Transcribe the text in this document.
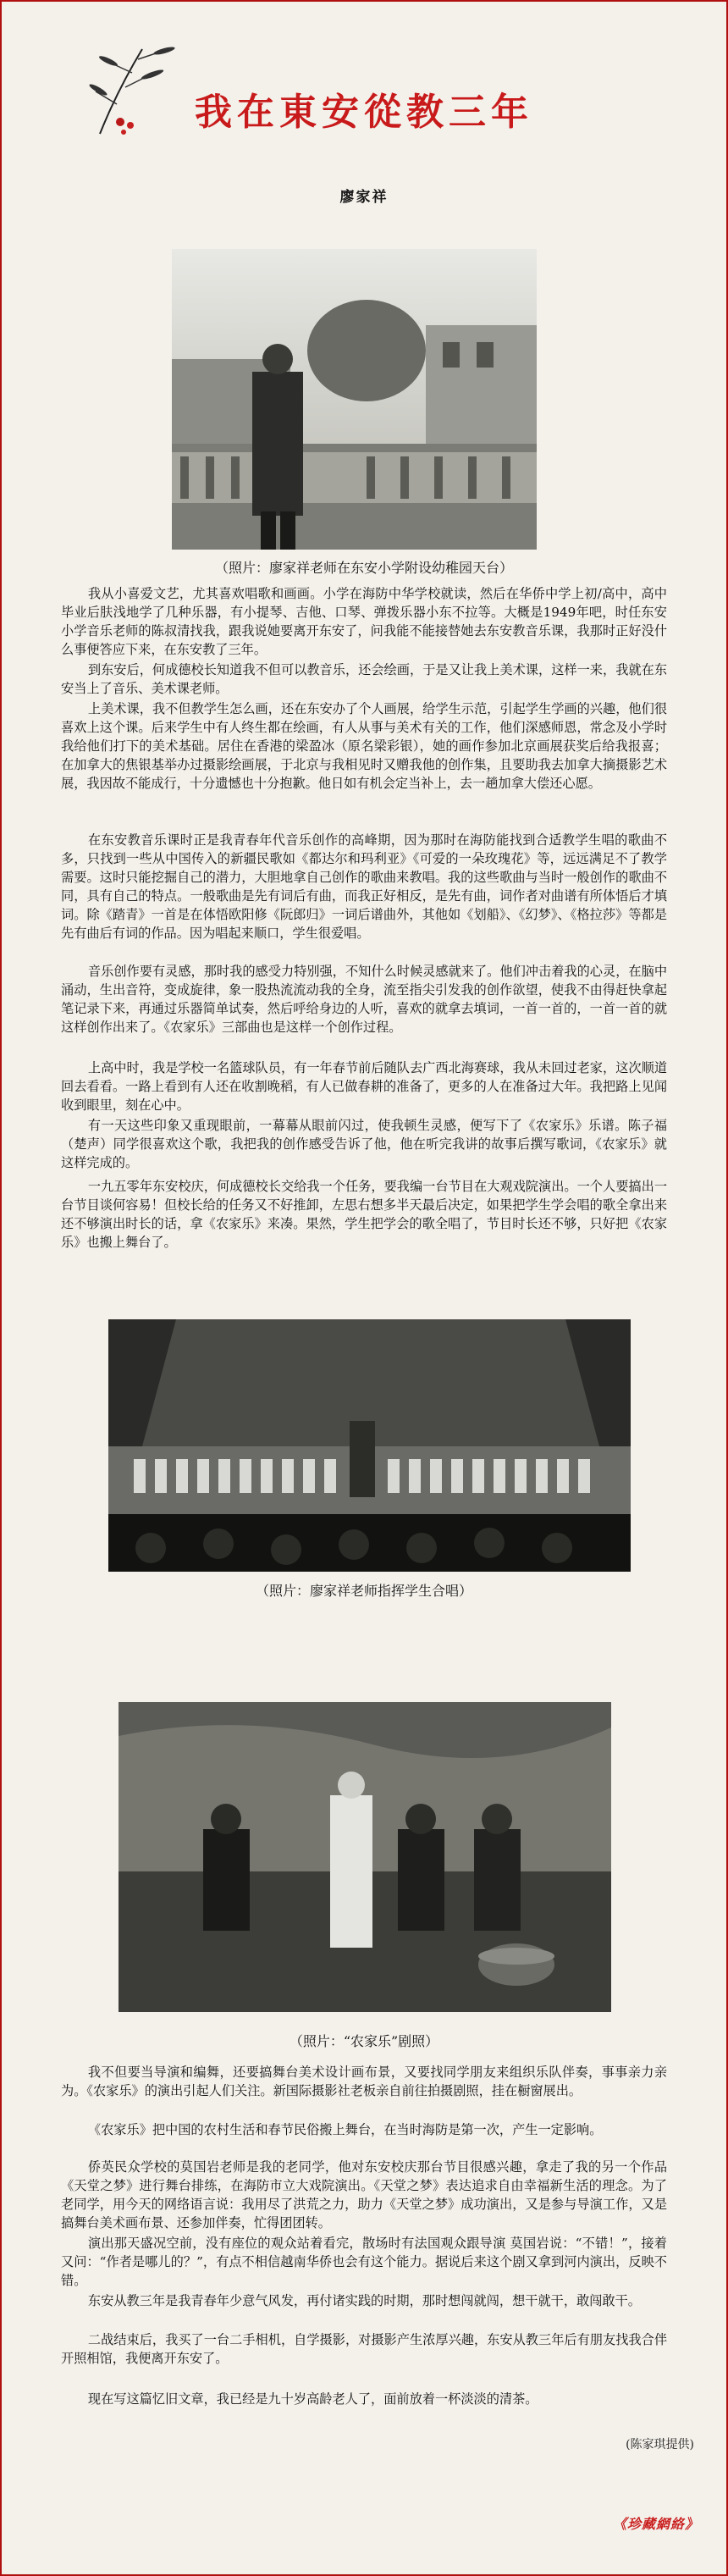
我在東安從教三年
廖家祥
（照片：廖家祥老师在东安小学附设幼稚园天台）

我从小喜爱文艺，尤其喜欢唱歌和画画。小学在海防中华学校就读，然后在华侨中学上初/高中，高中毕业后肤浅地学了几种乐器，有小提琴、吉他、口琴、弹拨乐器小东不拉等。大概是1949年吧，时任东安小学音乐老师的陈叔清找我，跟我说她要离开东安了，问我能不能接替她去东安教音乐课，我那时正好没什么事便答应下来，在东安教了三年。

到东安后，何成德校长知道我不但可以教音乐，还会绘画，于是又让我上美术课，这样一来，我就在东安当上了音乐、美术课老师。

上美术课，我不但教学生怎么画，还在东安办了个人画展，给学生示范，引起学生学画的兴趣，他们很喜欢上这个课。后来学生中有人终生都在绘画，有人从事与美术有关的工作，他们深感师恩，常念及小学时我给他们打下的美术基础。居住在香港的梁盈冰（原名梁彩银），她的画作参加北京画展获奖后给我报喜；在加拿大的焦银基举办过摄影绘画展，于北京与我相见时又赠我他的创作集，且要助我去加拿大摘摄影艺术展，我因故不能成行，十分遗憾也十分抱歉。他日如有机会定当补上，去一趟加拿大偿还心愿。

在东安教音乐课时正是我青春年代音乐创作的高峰期，因为那时在海防能找到合适教学生唱的歌曲不多，只找到一些从中国传入的新疆民歌如《都达尔和玛利亚》《可爱的一朵玫瑰花》等，远远满足不了教学需要。这时只能挖掘自己的潜力，大胆地拿自己创作的歌曲来教唱。我的这些歌曲与当时一般创作的歌曲不同，具有自己的特点。一般歌曲是先有词后有曲，而我正好相反，是先有曲，词作者对曲谱有所体悟后才填词。除《踏青》一首是在体悟欧阳修《阮郎归》一词后谱曲外，其他如《划船》、《幻梦》、《格拉莎》等都是先有曲后有词的作品。因为唱起来顺口，学生很爱唱。

音乐创作要有灵感，那时我的感受力特别强，不知什么时候灵感就来了。他们冲击着我的心灵，在脑中涌动，生出音符，变成旋律，象一股热流流动我的全身，流至指尖引发我的创作欲望，使我不由得赶快拿起笔记录下来，再通过乐器简单试奏，然后呼给身边的人听，喜欢的就拿去填词，一首一首的，一首一首的就这样创作出来了。《农家乐》三部曲也是这样一个创作过程。

上高中时，我是学校一名篮球队员，有一年春节前后随队去广西北海赛球，我从未回过老家，这次顺道回去看看。一路上看到有人还在收割晚稻，有人已做春耕的准备了，更多的人在准备过大年。我把路上见闻收到眼里，刻在心中。

有一天这些印象又重现眼前，一幕幕从眼前闪过，使我顿生灵感，便写下了《农家乐》乐谱。陈子福（楚声）同学很喜欢这个歌，我把我的创作感受告诉了他，他在听完我讲的故事后撰写歌词，《农家乐》就这样完成的。

一九五零年东安校庆，何成德校长交给我一个任务，要我编一台节目在大观戏院演出。一个人要搞出一台节目谈何容易！但校长给的任务又不好推卸，左思右想多半天最后决定，如果把学生学会唱的歌全拿出来还不够演出时长的话，拿《农家乐》来凑。果然，学生把学会的歌全唱了，节目时长还不够，只好把《农家乐》也搬上舞台了。

（照片：廖家祥老师指挥学生合唱）
（照片：“农家乐”剧照）

我不但要当导演和编舞，还要搞舞台美术设计画布景，又要找同学朋友来组织乐队伴奏，事事亲力亲为。《农家乐》的演出引起人们关注。新国际摄影社老板亲自前往拍摄剧照，挂在橱窗展出。

《农家乐》把中国的农村生活和春节民俗搬上舞台，在当时海防是第一次，产生一定影响。

侨英民众学校的莫国岩老师是我的老同学，他对东安校庆那台节目很感兴趣，拿走了我的另一个作品《天堂之梦》进行舞台排练，在海防市立大戏院演出。《天堂之梦》表达追求自由幸福新生活的理念。为了老同学，用今天的网络语言说：我用尽了洪荒之力，助力《天堂之梦》成功演出，又是参与导演工作，又是搞舞台美术画布景、还参加伴奏，忙得团团转。

演出那天盛况空前，没有座位的观众站着看完，散场时有法国观众跟导演 莫国岩说：“不错！”，接着又问：“作者是哪儿的？”，有点不相信越南华侨也会有这个能力。据说后来这个剧又拿到河内演出，反映不错。

东安从教三年是我青春年少意气风发，再付诸实践的时期，那时想闯就闯，想干就干，敢闯敢干。

二战结束后，我买了一台二手相机，自学摄影，对摄影产生浓厚兴趣，东安从教三年后有朋友找我合伴开照相馆，我便离开东安了。

现在写这篇忆旧文章，我已经是九十岁高龄老人了，面前放着一杯淡淡的清茶。

(陈家琪提供)
《珍藏網絡》
